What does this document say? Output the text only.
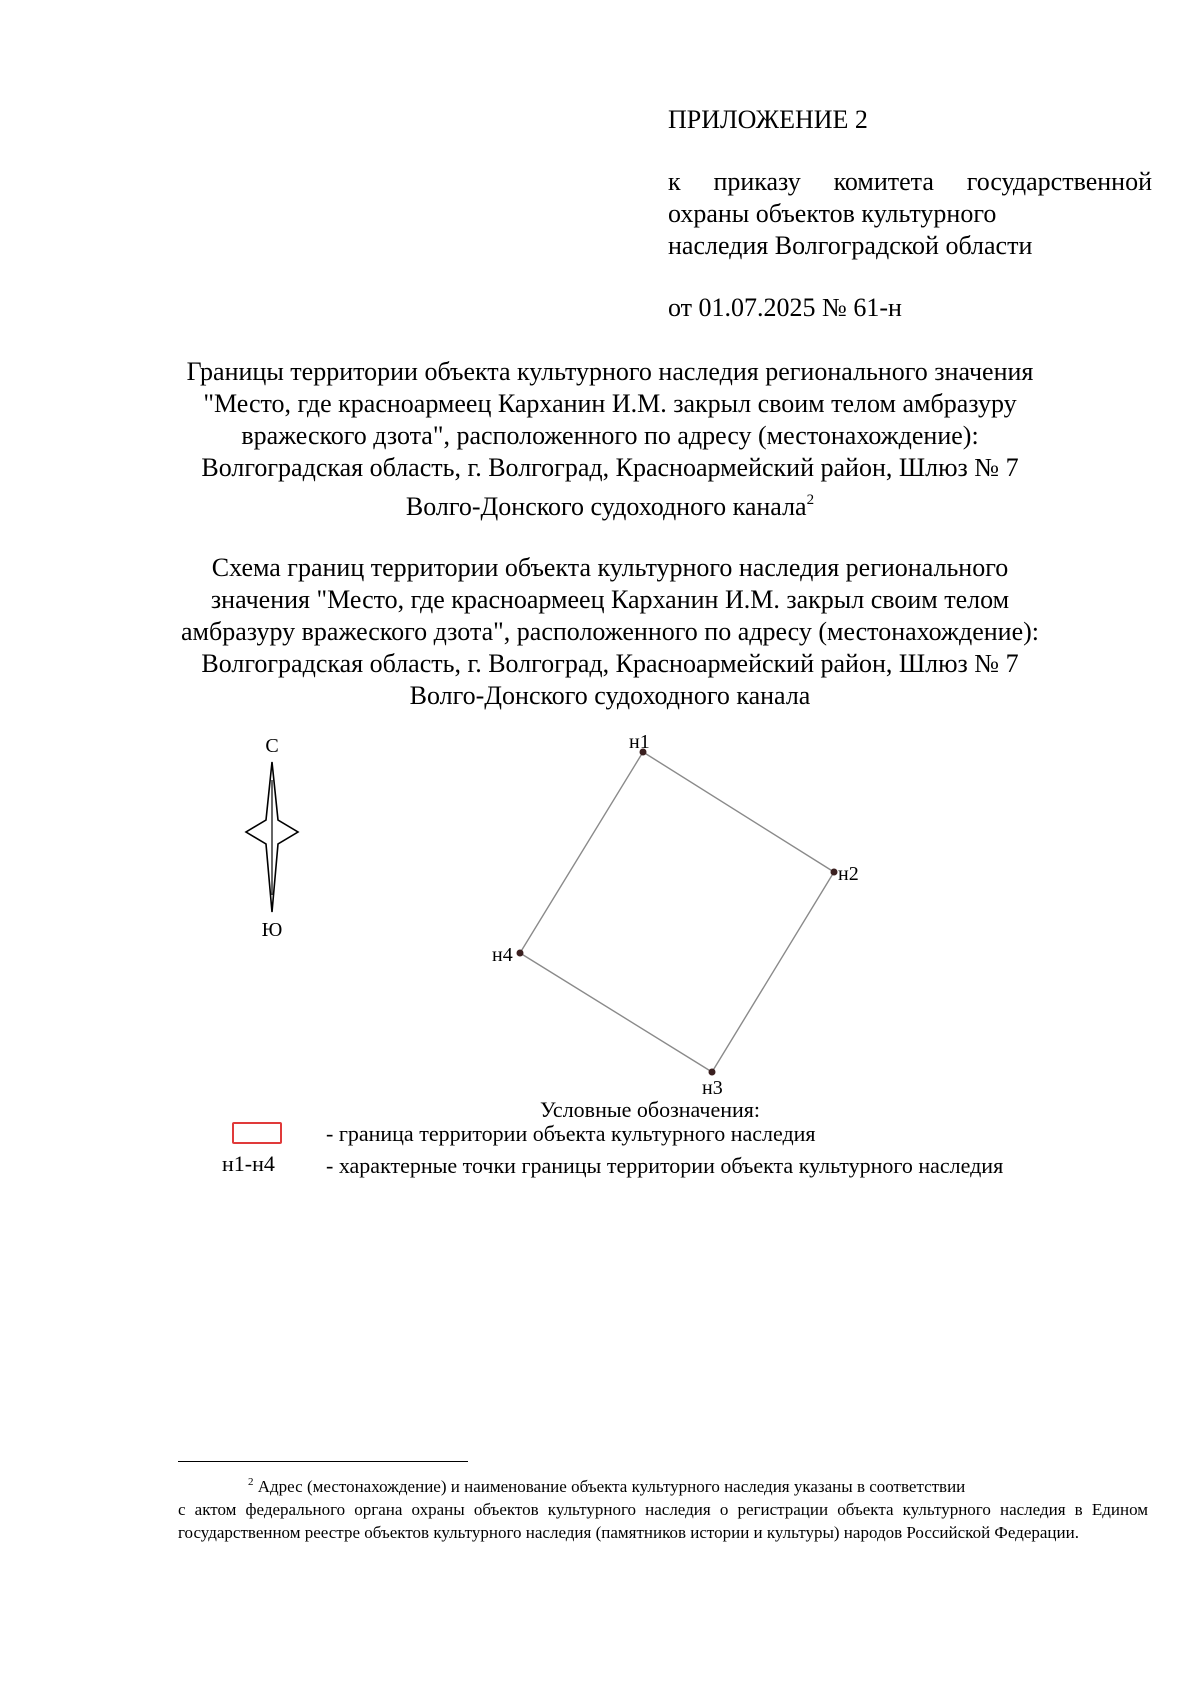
ПРИЛОЖЕНИЕ 2
к приказу комитета государственной
охраны объектов культурного
наследия Волгоградской области
от 01.07.2025 № 61-н
Границы территории объекта культурного наследия регионального значения
"Место, где красноармеец Карханин И.М. закрыл своим телом амбразуру
вражеского дзота", расположенного по адресу (местонахождение):
Волгоградская область, г. Волгоград, Красноармейский район, Шлюз № 7
Волго-Донского судоходного канала$^2$
Схема границ территории объекта культурного наследия регионального
значения "Место, где красноармеец Карханин И.М. закрыл своим телом
амбразуру вражеского дзота", расположенного по адресу (местонахождение):
Волгоградская область, г. Волгоград, Красноармейский район, Шлюз № 7
Волго-Донского судоходного канала
С
Ю
н1
н2
н3
н4
Условные обозначения:
н1-н4
- граница территории объекта культурного наследия
- характерные точки границы территории объекта культурного наследия
$^2$ Адрес (местонахождение) и наименование объекта культурного наследия указаны в соответствии
с актом федерального органа охраны объектов культурного наследия о регистрации объекта культурного наследия в Едином государственном реестре объектов культурного наследия (памятников истории и культуры) народов Российской Федерации.
